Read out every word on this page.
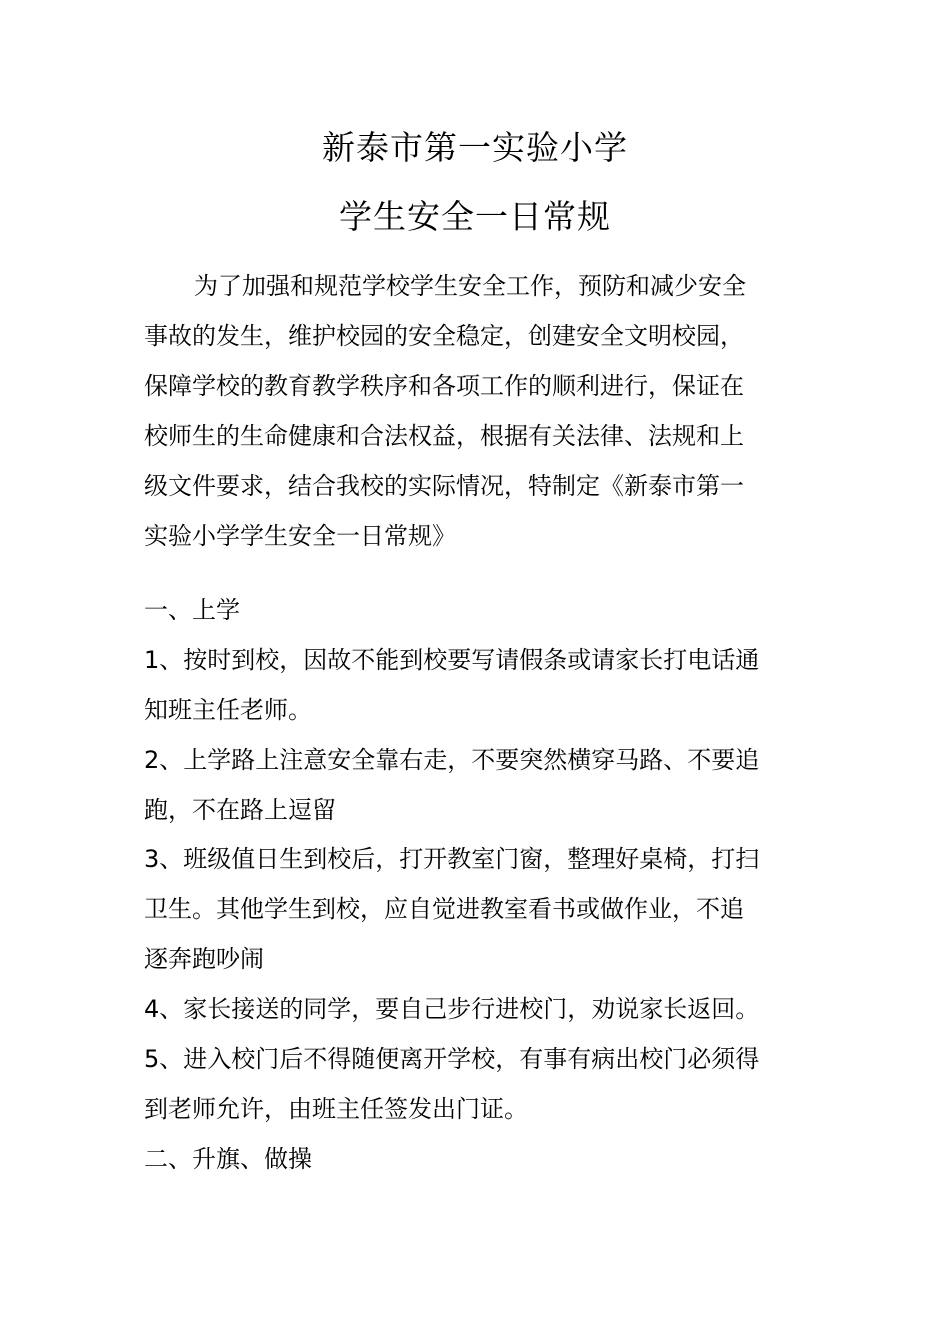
新泰市第一实验小学
学生安全一日常规
为了加强和规范学校学生安全工作，预防和减少安全
事故的发生，维护校园的安全稳定，创建安全文明校园，
保障学校的教育教学秩序和各项工作的顺利进行，保证在
校师生的生命健康和合法权益，根据有关法律、法规和上
级文件要求，结合我校的实际情况，特制定《新泰市第一
实验小学学生安全一日常规》
一、上学
1、按时到校，因故不能到校要写请假条或请家长打电话通
知班主任老师。
2、上学路上注意安全靠右走，不要突然横穿马路、不要追
跑，不在路上逗留
3、班级值日生到校后，打开教室门窗，整理好桌椅，打扫
卫生。其他学生到校，应自觉进教室看书或做作业，不追
逐奔跑吵闹
4、家长接送的同学，要自己步行进校门，劝说家长返回。
5、进入校门后不得随便离开学校，有事有病出校门必须得
到老师允许，由班主任签发出门证。
二、升旗、做操
